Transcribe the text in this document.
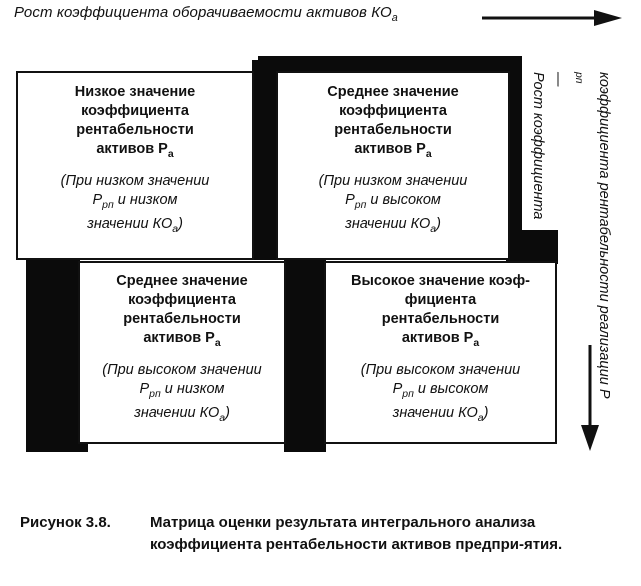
Рост коэффициента оборачиваемости активов $КО_а$
Низкое значение
коэффициента
рентабельности
активов $Р_а$
(При низком значении
$Р_{рп}$ и низком
значении $КО_а$)
Среднее значение
коэффициента
рентабельности
активов $Р_а$
(При низком значении
$Р_{рп}$ и высоком
значении $КО_а$)
Среднее значение
коэффициента
рентабельности
активов $Р_а$
(При высоком значении
$Р_{рп}$ и низком
значении $КО_а$)
Высокое значение коэф-
фициента
рентабельности
активов $Р_а$
(При высоком значении
$Р_{рп}$ и высоком
значении $КО_а$)
коэффициента рентабельности реализации Р
$_{рп}$
—
Рост коэффициента
Рисунок 3.8.	Матрица оценки результата интегрального анализа коэффициента рентабельности активов предпри-ятия.
